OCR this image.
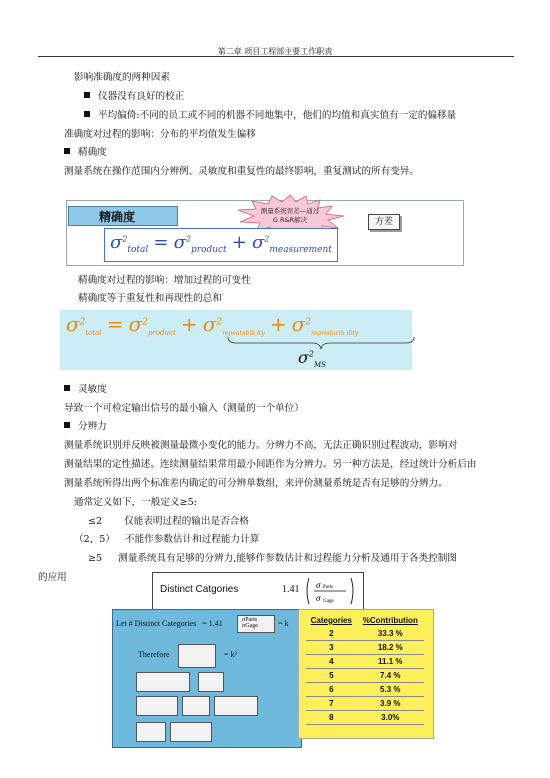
第二章 项目工程部主要工作职责
影响准确度的两种因素
仪器没有良好的校正
平均偏倚:不同的员工或不同的机器不同地集中，他们的均值和真实值有一定的偏移量
准确度对过程的影响：分布的平均值发生偏移
精确度
测量系统在操作范围内分辨例、灵敏度和重复性的最终影响，重复测试的所有变异。
精确度	测量系统误差—通过
G R&R解决	方差
$\sigma^2_{total} = \sigma^2_{product} + \sigma^2_{measurement}$
精确度对过程的影响：增加过程的可变性
精确度等于重复性和再现性的总和
$\sigma^2_{total} = \sigma^2_{product} + \sigma^2_{repeatabili ity} + \sigma^2_{reproducib ility}$
$\sigma^2_{MS}$
灵敏度
导致一个可检定输出信号的最小输入（测量的一个单位）
分辨力
测量系统识别并反映被测量最微小变化的能力。分辨力不高，无法正确识别过程波动，影响对
测量结果的定性描述。连续测量结果常用最小间距作为分辨力。另一种方法是，经过统计分析后由
测量系统所得出两个标准差内确定的可分辨单数组，来评价测量系统是否有足够的分辨力。
通常定义如下，一般定义≥5:
≤2 仅能表明过程的输出是否合格
（2，5） 不能作参数估计和过程能力计算
≥5 测量系统具有足够的分辨力,能够作参数估计和过程能力分析及通用于各类控制图
的应用
Distinct Catgories	1.41 σ Parts
σ Gage
Let # Distinct Categories = 1.41	σParts
σGage	= k
Therefore	= k²
Categories	%Contribution
2	33.3 %
3	18.2 %
4	11.1 %
5	7.4 %
6	5.3 %
7	3.9 %
8	3.0%
